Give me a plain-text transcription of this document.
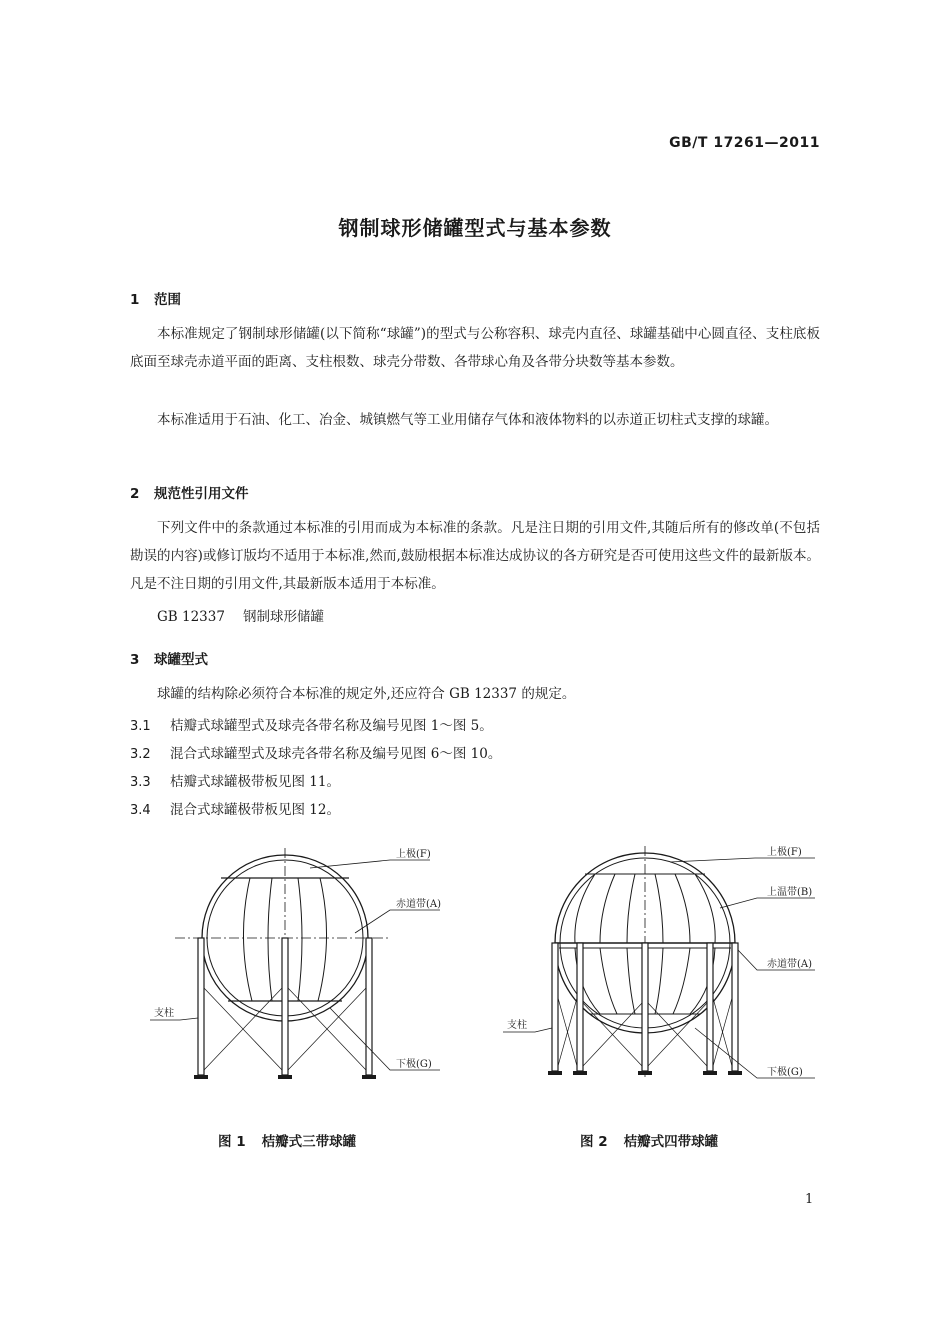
GB/T 17261—2011
钢制球形储罐型式与基本参数
1 范围
本标准规定了钢制球形储罐(以下简称“球罐”)的型式与公称容积、球壳内直径、球罐基础中心圆直径、支柱底板底面至球壳赤道平面的距离、支柱根数、球壳分带数、各带球心角及各带分块数等基本参数。
本标准适用于石油、化工、冶金、城镇燃气等工业用储存气体和液体物料的以赤道正切柱式支撑的球罐。
2 规范性引用文件
下列文件中的条款通过本标准的引用而成为本标准的条款。凡是注日期的引用文件,其随后所有的修改单(不包括勘误的内容)或修订版均不适用于本标准,然而,鼓励根据本标准达成协议的各方研究是否可使用这些文件的最新版本。凡是不注日期的引用文件,其最新版本适用于本标准。
GB 12337 钢制球形储罐
3 球罐型式
球罐的结构除必须符合本标准的规定外,还应符合 GB 12337 的规定。
3.1 桔瓣式球罐型式及球壳各带名称及编号见图 1～图 5。
3.2 混合式球罐型式及球壳各带名称及编号见图 6～图 10。
3.3 桔瓣式球罐极带板见图 11。
3.4 混合式球罐极带板见图 12。
上极(F)
赤道带(A)
支柱
下极(G)
上极(F)
上温带(B)
赤道带(A)
支柱
下极(G)
图 1 桔瓣式三带球罐	图 2 桔瓣式四带球罐
1
